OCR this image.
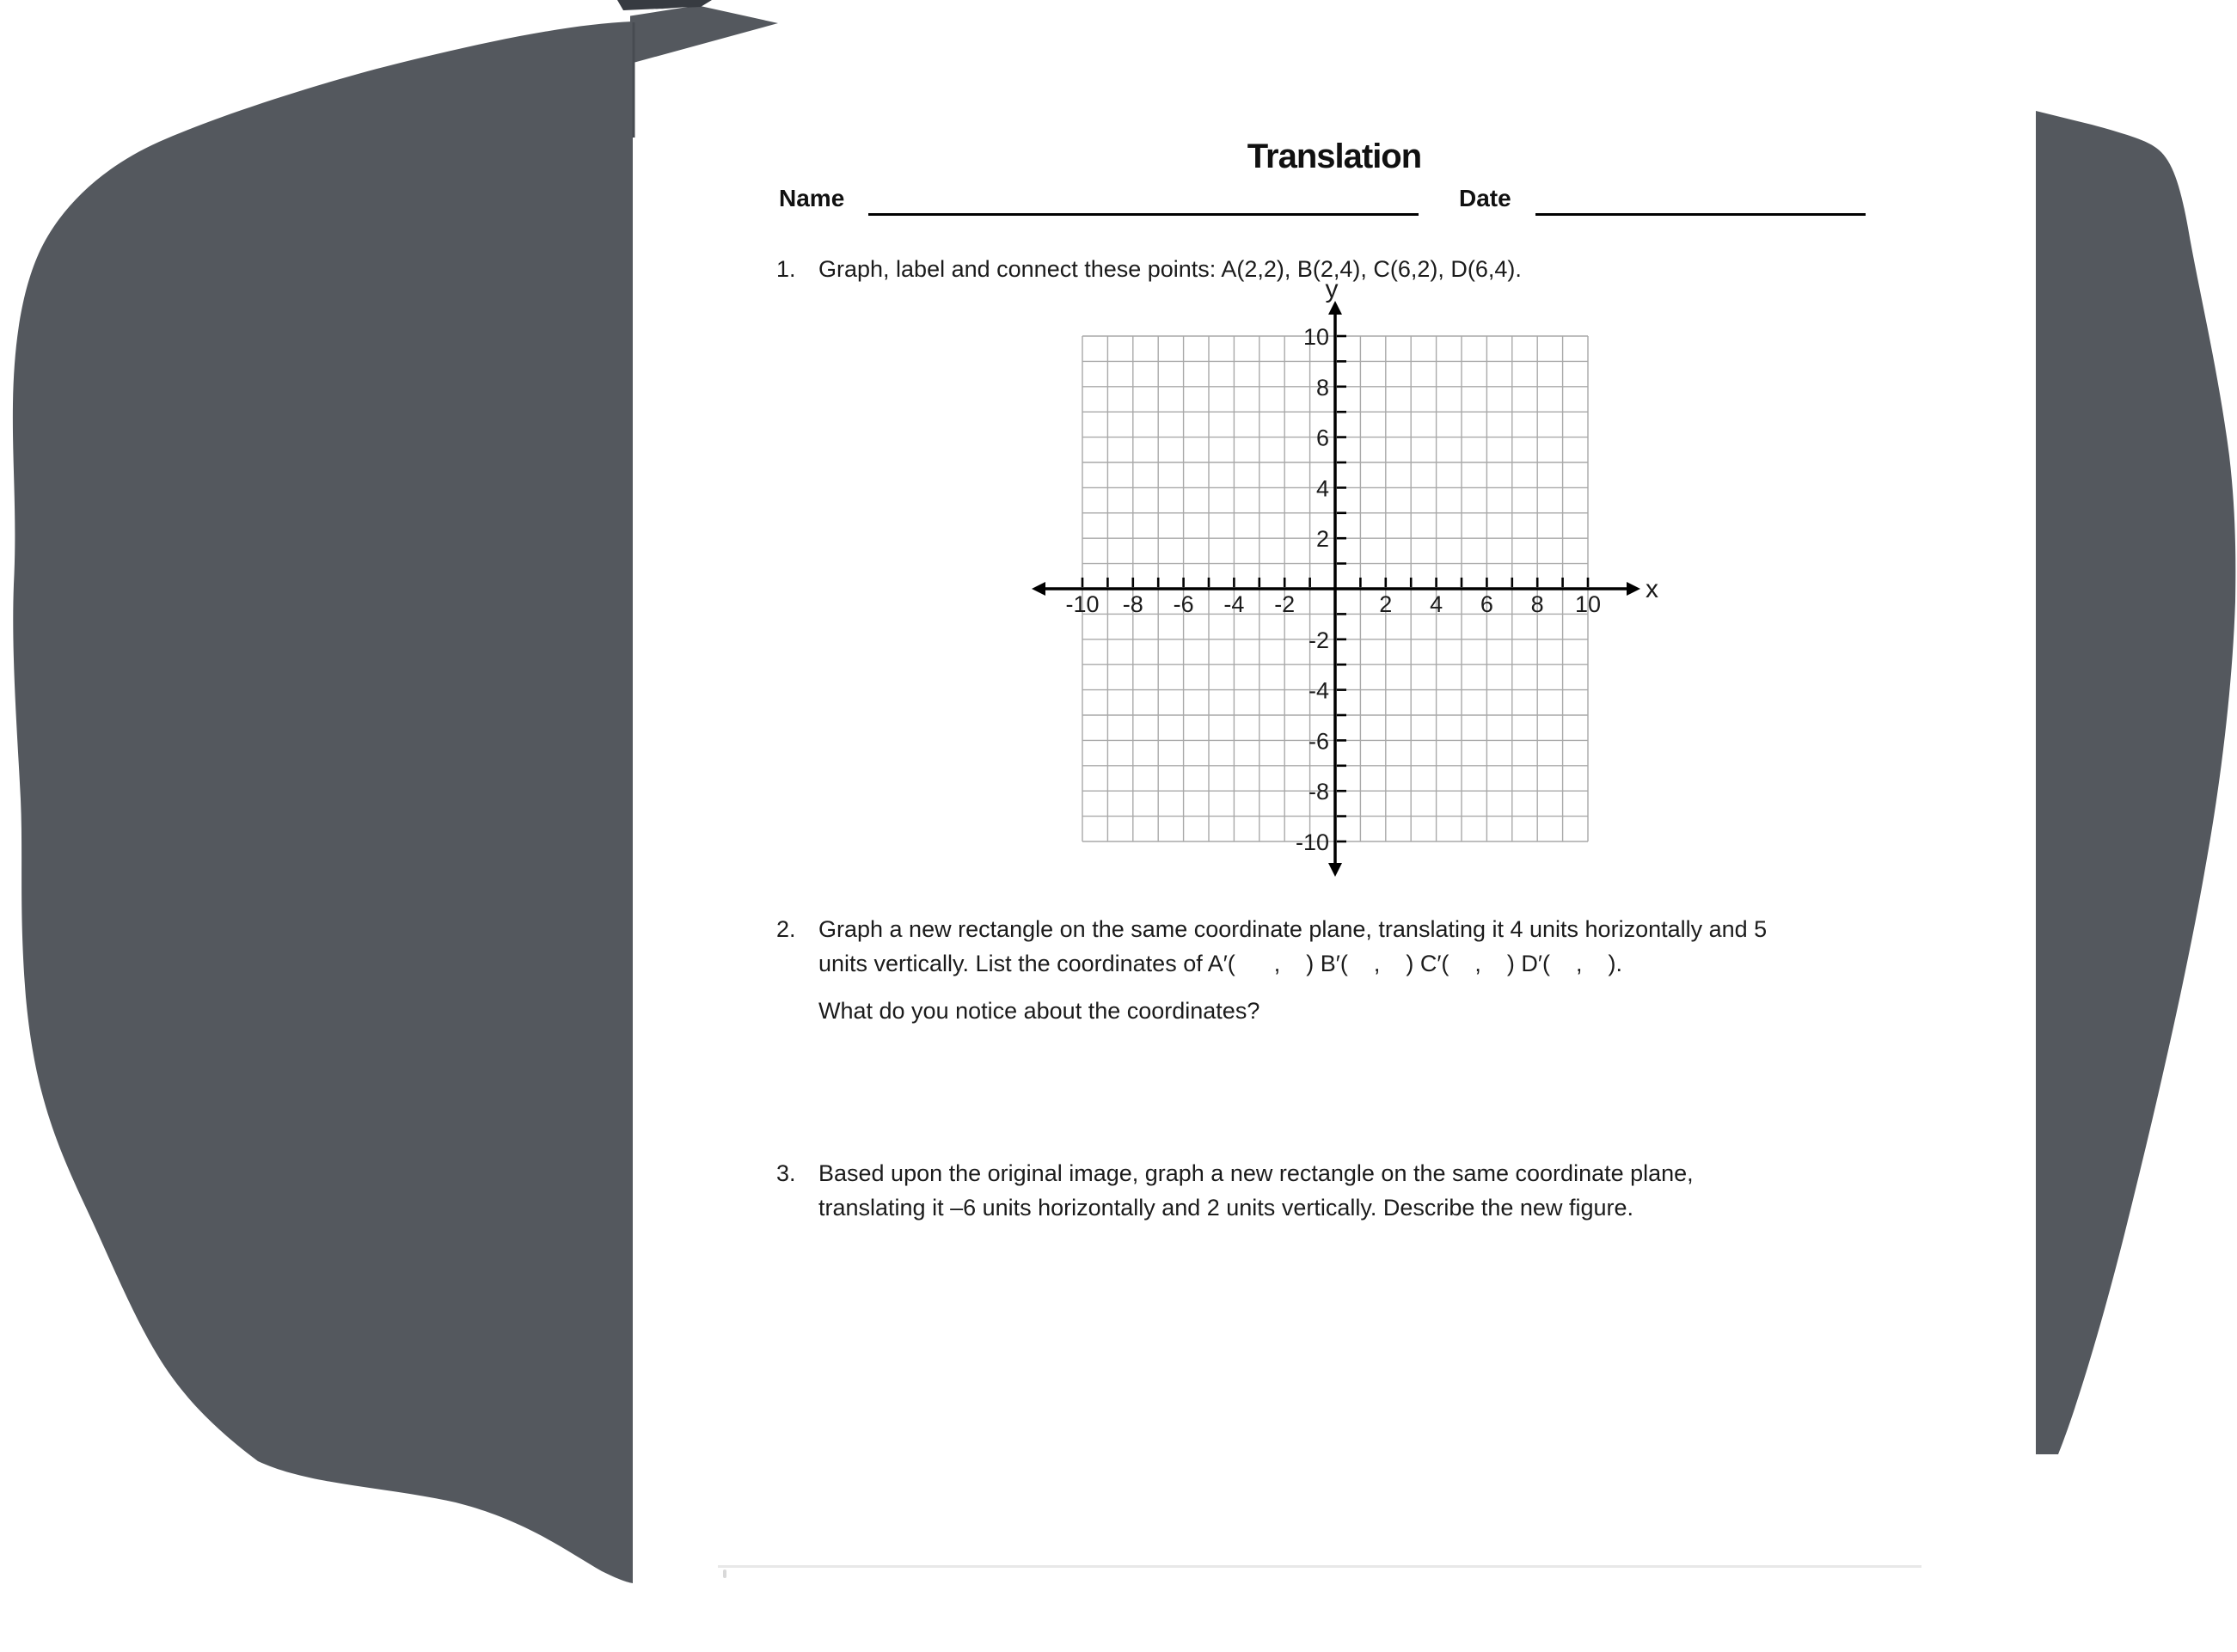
Translation
Name	Date
1. Graph, label and connect these points: A(2,2), B(2,4), C(6,2), D(6,4).
-10 -8 -6 -4 -2	2 4 6 8 10
10
8
6
4
2
-2
-4
-6
-8
-10
y
x
2. Graph a new rectangle on the same coordinate plane, translating it 4 units horizontally and 5
units vertically. List the coordinates of A′(      ,    ) B′(    ,    ) C′(    ,    ) D′(    ,    ).
What do you notice about the coordinates?
3. Based upon the original image, graph a new rectangle on the same coordinate plane,
translating it –6 units horizontally and 2 units vertically. Describe the new figure.
